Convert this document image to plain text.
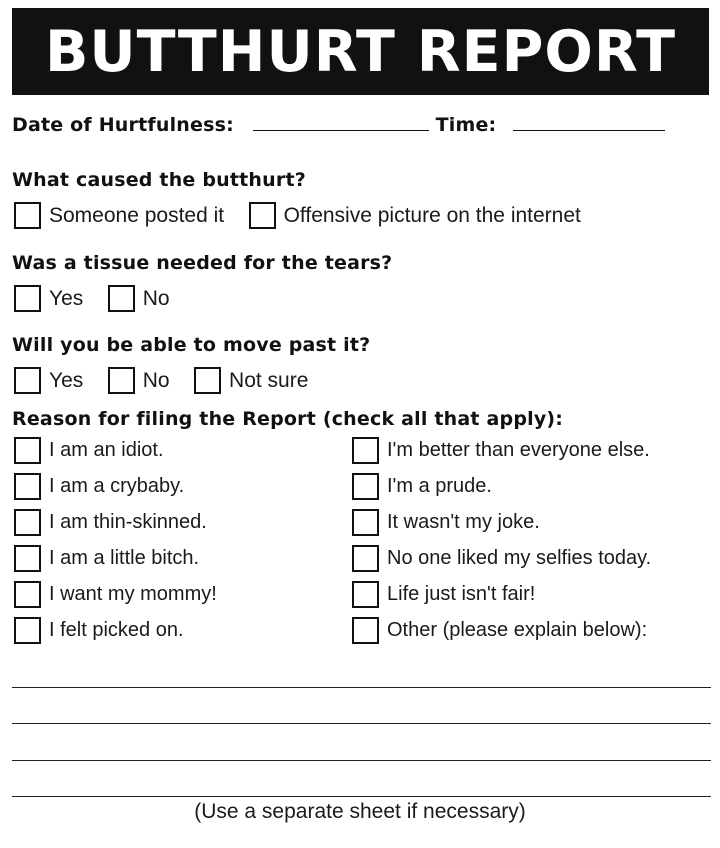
BUTTHURT REPORT
Date of Hurtfulness:	Time:
What caused the butthurt?
Someone posted it
	Offensive picture on the internet
Was a tissue needed for the tears?
Yes
	No
Will you be able to move past it?
Yes
	No
	Not sure
Reason for filing the Report (check all that apply):
I am an idiot.
I am a crybaby.
I am thin-skinned.
I am a little bitch.
I want my mommy!
I felt picked on.
I'm better than everyone else.
I'm a prude.
It wasn't my joke.
No one liked my selfies today.
Life just isn't fair!
Other (please explain below):
(Use a separate sheet if necessary)
